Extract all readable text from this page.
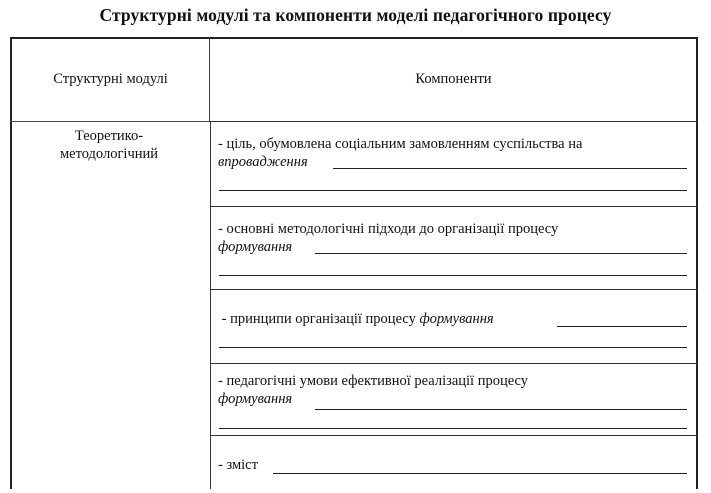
Структурні модулі та компоненти моделі педагогічного процесу
Структурні модулі	Компоненти
Теоретико-
методологічний
- ціль, обумовлена соціальним замовленням суспільства на
впровадження
- основні методологічні підходи до організації процесу
формування
- принципи організації процесу формування
- педагогічні умови ефективної реалізації процесу
формування
- зміст
